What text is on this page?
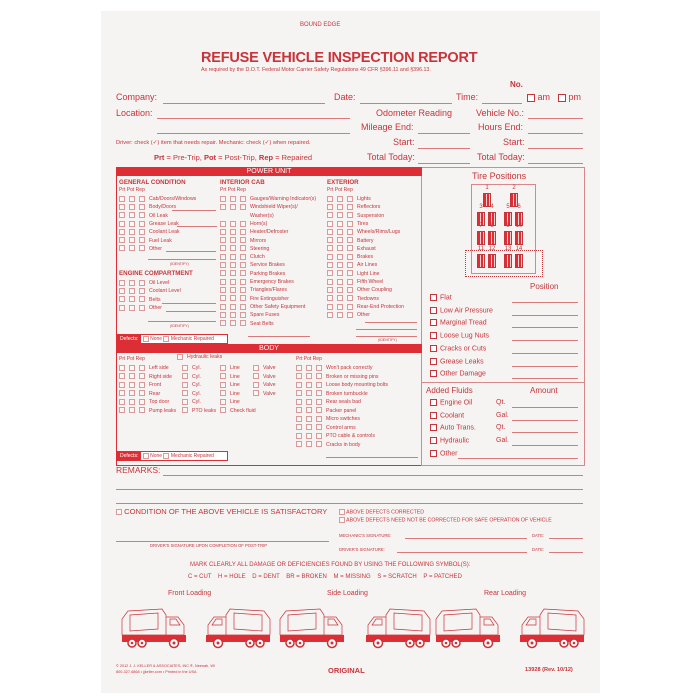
BOUND EDGE
REFUSE VEHICLE INSPECTION REPORT
As required by the D.O.T. Federal Motor Carrier Safety Regulations 49 CFR §396.11 and §396.13.
No.
Company:	Date:	Time:	am	pm
Location:	Odometer Reading	Vehicle No.:
Mileage End:	Hours End:
Driver: check (✓) item that needs repair. Mechanic: check (✓) when repaired.	Start:	Start:
Prt = Pre-Trip, Pot = Post-Trip, Rep = Repaired	Total Today:	Total Today:
POWER UNIT
GENERAL CONDITION
Prt Pot Rep
Cab/Doors/Windows
Body/Doors
Oil Leak
Grease Leak
Coolant Leak
Fuel Leak
Other
(IDENTIFY)
ENGINE COMPARTMENT
Oil Level
Coolant Level
Belts
Other
(IDENTIFY)
INTERIOR CAB
Prt Pot Rep
Gauges/Warning Indicator(s)
Windshield Wiper(s)/
Washer(s)
Horn(s)
Heater/Defroster
Mirrors
Steering
Clutch
Service Brakes
Parking Brakes
Emergency Brakes
Triangles/Flares
Fire Extinguisher
Other Safety Equipment
Spare Fuses
Seat Belts
EXTERIOR
Prt Pot Rep
Lights
Reflectors
Suspension
Tires
Wheels/Rims/Lugs
Battery
Exhaust
Brakes
Air Lines
Light Line
Fifth Wheel
Other Coupling
Tiedowns
Rear-End Protection
Other
(IDENTIFY)
Defects: None Mechanic Repaired
BODY
Prt Pot Rep	Hydraulic leaks	Prt Pot Rep
Left side
Right side
Front
Rear
Top door
Pump leaks
Cyl.
Cyl.
Cyl.
Cyl.
Cyl.
PTO leaks
Line
Line
Line
Line
Line
Check fluid
Valve
Valve
Valve
Valve
Won't pack correctly
Broken or missing pins
Loose body mounting bolts
Broken turnbuckle
Rear seals bad
Packer panel
Micro switches
Control arms
PTO cable & controls
Cracks in body
Defects: None Mechanic Repaired
Tire Positions
1	2
3	4	5	6
7	8	9 10
11 12 13 14
Position
Flat
Low Air Pressure
Marginal Tread
Loose Lug Nuts
Cracks or Cuts
Grease Leaks
Other Damage
Added Fluids	Amount
Engine Oil	Qt.
Coolant	Gal.
Auto Trans.	Qt.
Hydraulic	Gal.
Other
REMARKS:
CONDITION OF THE ABOVE VEHICLE IS SATISFACTORY	ABOVE DEFECTS CORRECTED
ABOVE DEFECTS NEED NOT BE CORRECTED FOR SAFE OPERATION OF VEHICLE
DRIVER'S SIGNATURE UPON COMPLETION OF POST-TRIP
MECHANIC'S SIGNATURE:	DATE:
DRIVER'S SIGNATURE:	DATE:
MARK CLEARLY ALL DAMAGE OR DEFICIENCIES FOUND BY USING THE FOLLOWING SYMBOL(S):
C = CUT    H = HOLE    D = DENT    BR = BROKEN    M = MISSING    S = SCRATCH    P = PATCHED
Front Loading	Side Loading	Rear Loading
© 2012 J. J. KELLER & ASSOCIATES, INC.®, Neenah, WI
800-327-6868 • jjkeller.com • Printed in the USA	ORIGINAL	13928 (Rev. 10/12)
